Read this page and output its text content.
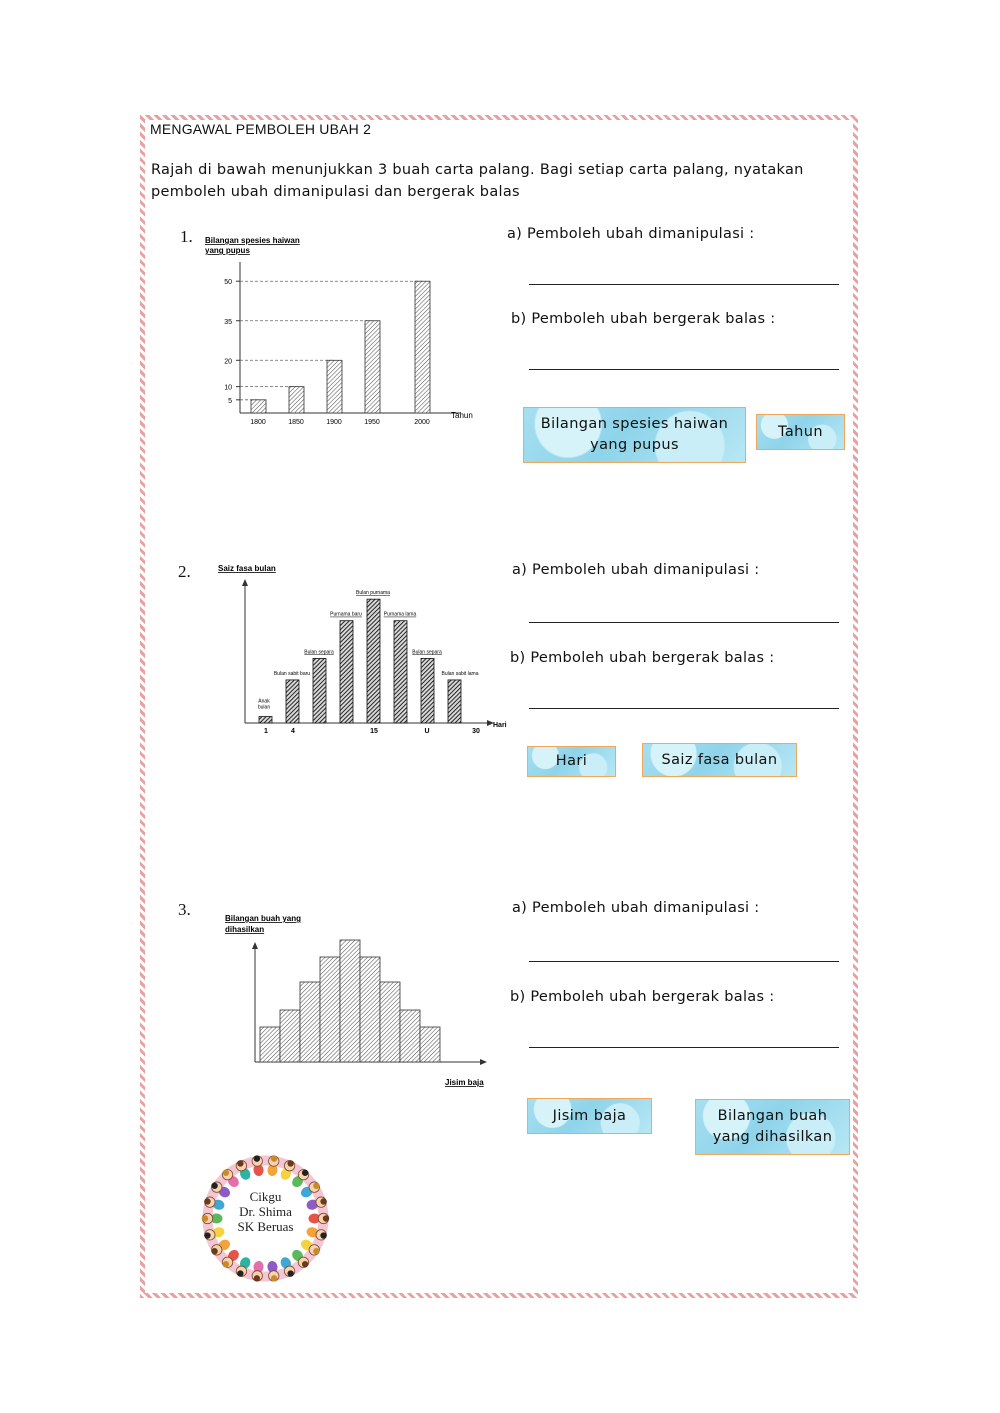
MENGAWAL PEMBOLEH UBAH 2
Rajah di bawah menunjukkan 3 buah carta palang. Bagi setiap carta palang, nyatakan pemboleh ubah dimanipulasi dan bergerak balas
1. Bilangan spesies haiwan
yang pupus
Tahun
5
10
20
35
50
1800	1850	1900	1950	2000
a) Pemboleh ubah dimanipulasi :
b) Pemboleh ubah bergerak balas :
Bilangan spesies haiwan yang pupus
Tahun
2.	Saiz fasa bulan
Hari
Anak
bulan
Bulan sabit baru
Bulan separa
Purnama baru
Bulan purnama
Purnama lama
Bulan separa
Bulan sabit lama
1	4	15	U	30
a) Pemboleh ubah dimanipulasi :
b) Pemboleh ubah bergerak balas :
Hari	Saiz fasa bulan
3.	Bilangan buah yang
dihasilkan
Jisim baja
a) Pemboleh ubah dimanipulasi :
b) Pemboleh ubah bergerak balas :
Jisim baja	Bilangan buah yang dihasilkan
Cikgu
Dr. Shima
SK Beruas
